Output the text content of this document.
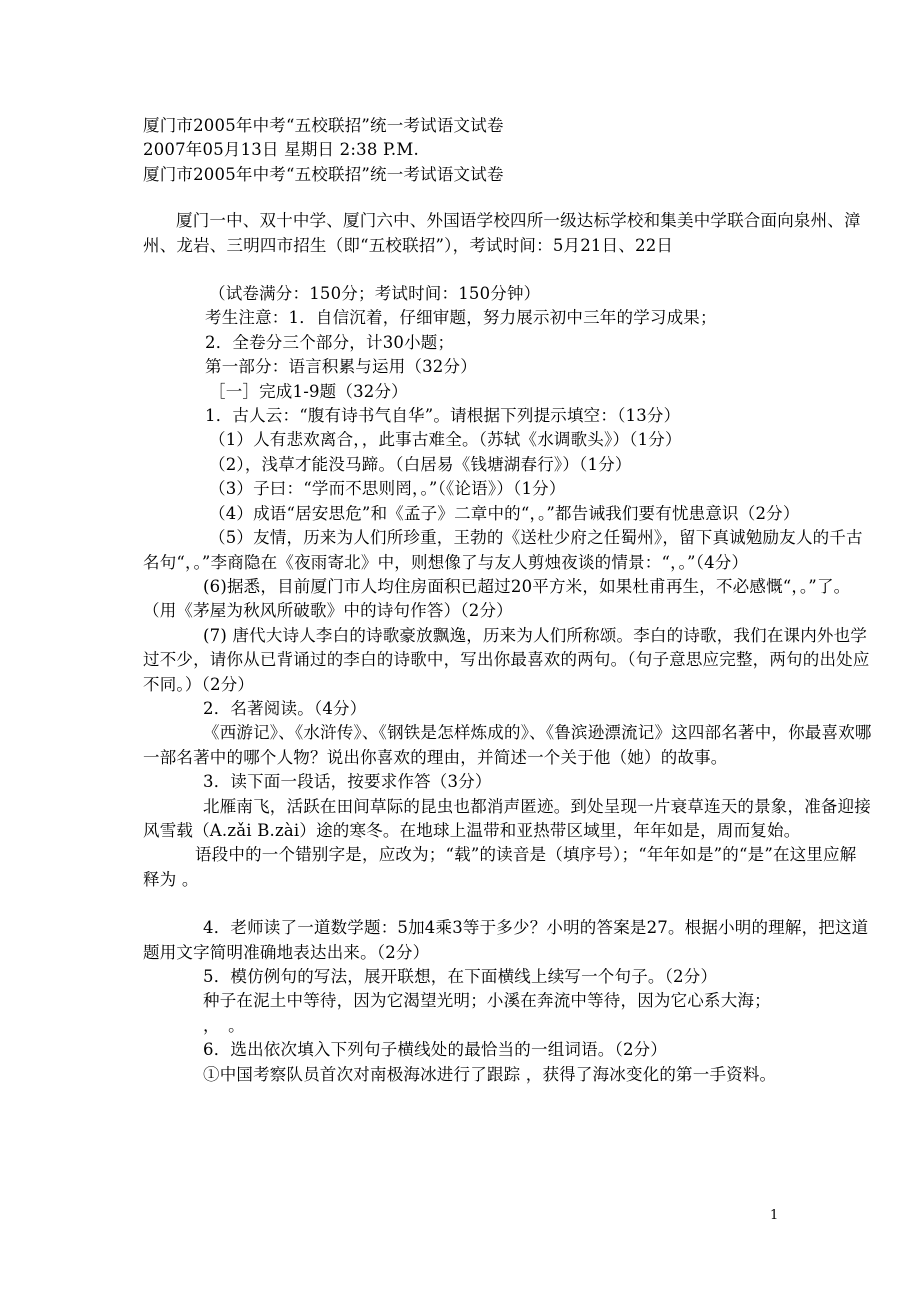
厦门市2005年中考“五校联招”统一考试语文试卷
2007年05月13日 星期日 2:38 P.M.
厦门市2005年中考“五校联招”统一考试语文试卷
厦门一中、双十中学、厦门六中、外国语学校四所一级达标学校和集美中学联合面向泉州、漳州、龙岩、三明四市招生（即“五校联招”），考试时间：5月21日、22日
（试卷满分：150分；考试时间：150分钟）
考生注意：1．自信沉着，仔细审题，努力展示初中三年的学习成果；
2．全卷分三个部分，计30小题；
第一部分：语言积累与运用（32分）
［一］完成1-9题（32分）
1．古人云：“腹有诗书气自华”。请根据下列提示填空：（13分）
（1）人有悲欢离合，，此事古难全。（苏轼《水调歌头》）（1分）
（2），浅草才能没马蹄。（白居易《钱塘湖春行》）（1分）
（3）子曰：“学而不思则罔，。”（《论语》）（1分）
（4）成语“居安思危”和《孟子》二章中的“，。”都告诫我们要有忧患意识（2分）
（5）友情，历来为人们所珍重，王勃的《送杜少府之任蜀州》，留下真诚勉励友人的千古名句“，。”李商隐在《夜雨寄北》中，则想像了与友人剪烛夜谈的情景：“，。”（4分）
(6)据悉，目前厦门市人均住房面积已超过20平方米，如果杜甫再生，不必感慨“，。”了。（用《茅屋为秋风所破歌》中的诗句作答）（2分）
(7) 唐代大诗人李白的诗歌豪放飘逸，历来为人们所称颂。李白的诗歌，我们在课内外也学过不少，请你从已背诵过的李白的诗歌中，写出你最喜欢的两句。（句子意思应完整，两句的出处应不同。）（2分）
2．名著阅读。（4分）
《西游记》、《水浒传》、《钢铁是怎样炼成的》、《鲁滨逊漂流记》这四部名著中，你最喜欢哪一部名著中的哪个人物？说出你喜欢的理由，并简述一个关于他（她）的故事。
3．读下面一段话，按要求作答（3分）
北雁南飞，活跃在田间草际的昆虫也都消声匿迹。到处呈现一片衰草连天的景象，准备迎接风雪载（A.zǎi B.zài）途的寒冬。在地球上温带和亚热带区域里，年年如是，周而复始。
语段中的一个错别字是，应改为；“载”的读音是（填序号）；“年年如是”的“是”在这里应解释为 。
4．老师读了一道数学题：5加4乘3等于多少？小明的答案是27。根据小明的理解，把这道题用文字简明准确地表达出来。（2分）
5．模仿例句的写法，展开联想，在下面横线上续写一个句子。（2分）
种子在泥土中等待，因为它渴望光明；小溪在奔流中等待，因为它心系大海；
，　。
6．选出依次填入下列句子横线处的最恰当的一组词语。（2分）
①中国考察队员首次对南极海冰进行了跟踪 ，获得了海冰变化的第一手资料。
1
